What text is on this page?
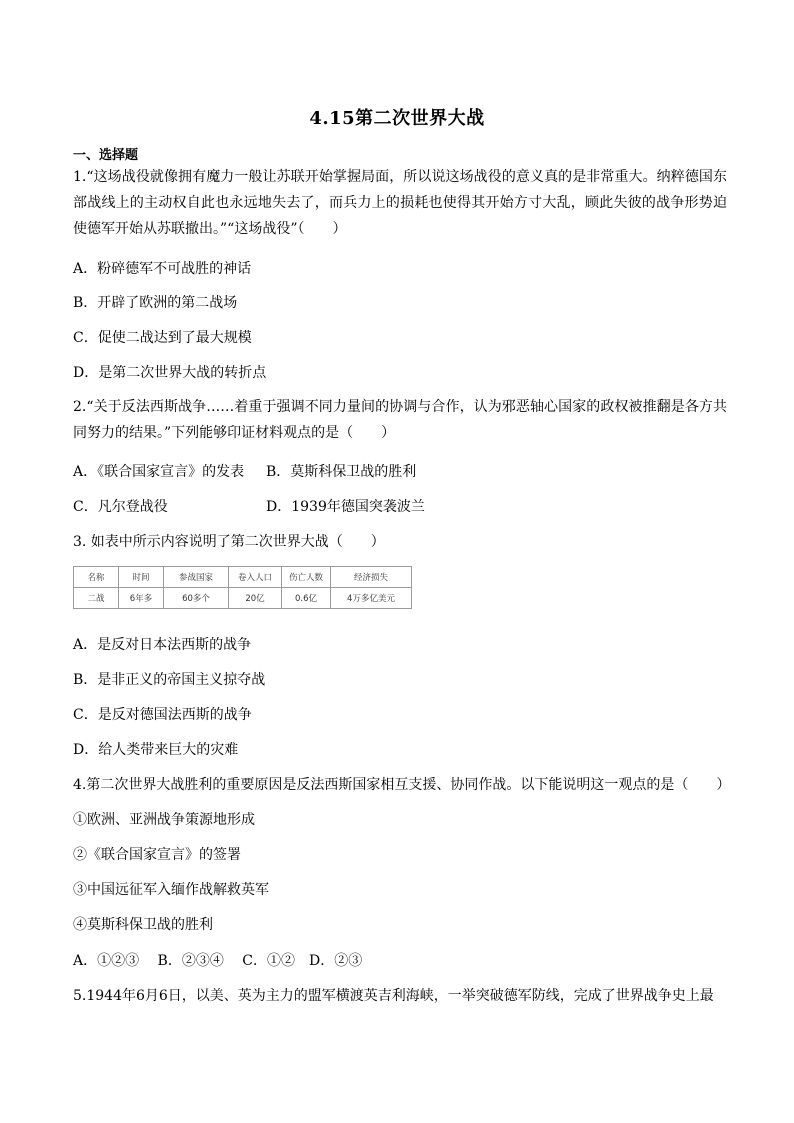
4.15第二次世界大战
一、选择题
1.“这场战役就像拥有魔力一般让苏联开始掌握局面，所以说这场战役的意义真的是非常重大。纳粹德国东部战线上的主动权自此也永远地失去了，而兵力上的损耗也使得其开始方寸大乱，顾此失彼的战争形势迫使德军开始从苏联撤出。”“这场战役”（　　）
A．粉碎德军不可战胜的神话
B．开辟了欧洲的第二战场
C．促使二战达到了最大规模
D．是第二次世界大战的转折点
2.“关于反法西斯战争……着重于强调不同力量间的协调与合作，认为邪恶轴心国家的政权被推翻是各方共同努力的结果。”下列能够印证材料观点的是（　　）
A．《联合国家宣言》的发表 B．莫斯科保卫战的胜利
C．凡尔登战役	D．1939年德国突袭波兰
3. 如表中所示内容说明了第二次世界大战（　　）
名称	时间	参战国家	卷入人口	伤亡人数	经济损失
二战	6年多	60多个	20亿	0.6亿	4万多亿美元
A．是反对日本法西斯的战争
B．是非正义的帝国主义掠夺战
C．是反对德国法西斯的战争
D．给人类带来巨大的灾难
4.第二次世界大战胜利的重要原因是反法西斯国家相互支援、协同作战。以下能说明这一观点的是（　　）
①欧洲、亚洲战争策源地形成
②《联合国家宣言》的签署
③中国远征军入缅作战解救英军
④莫斯科保卫战的胜利
A．①②③　 B．②③④　 C．①②　D．②③
5.1944年6月6日，以美、英为主力的盟军横渡英吉利海峡，一举突破德军防线，完成了世界战争史上最
